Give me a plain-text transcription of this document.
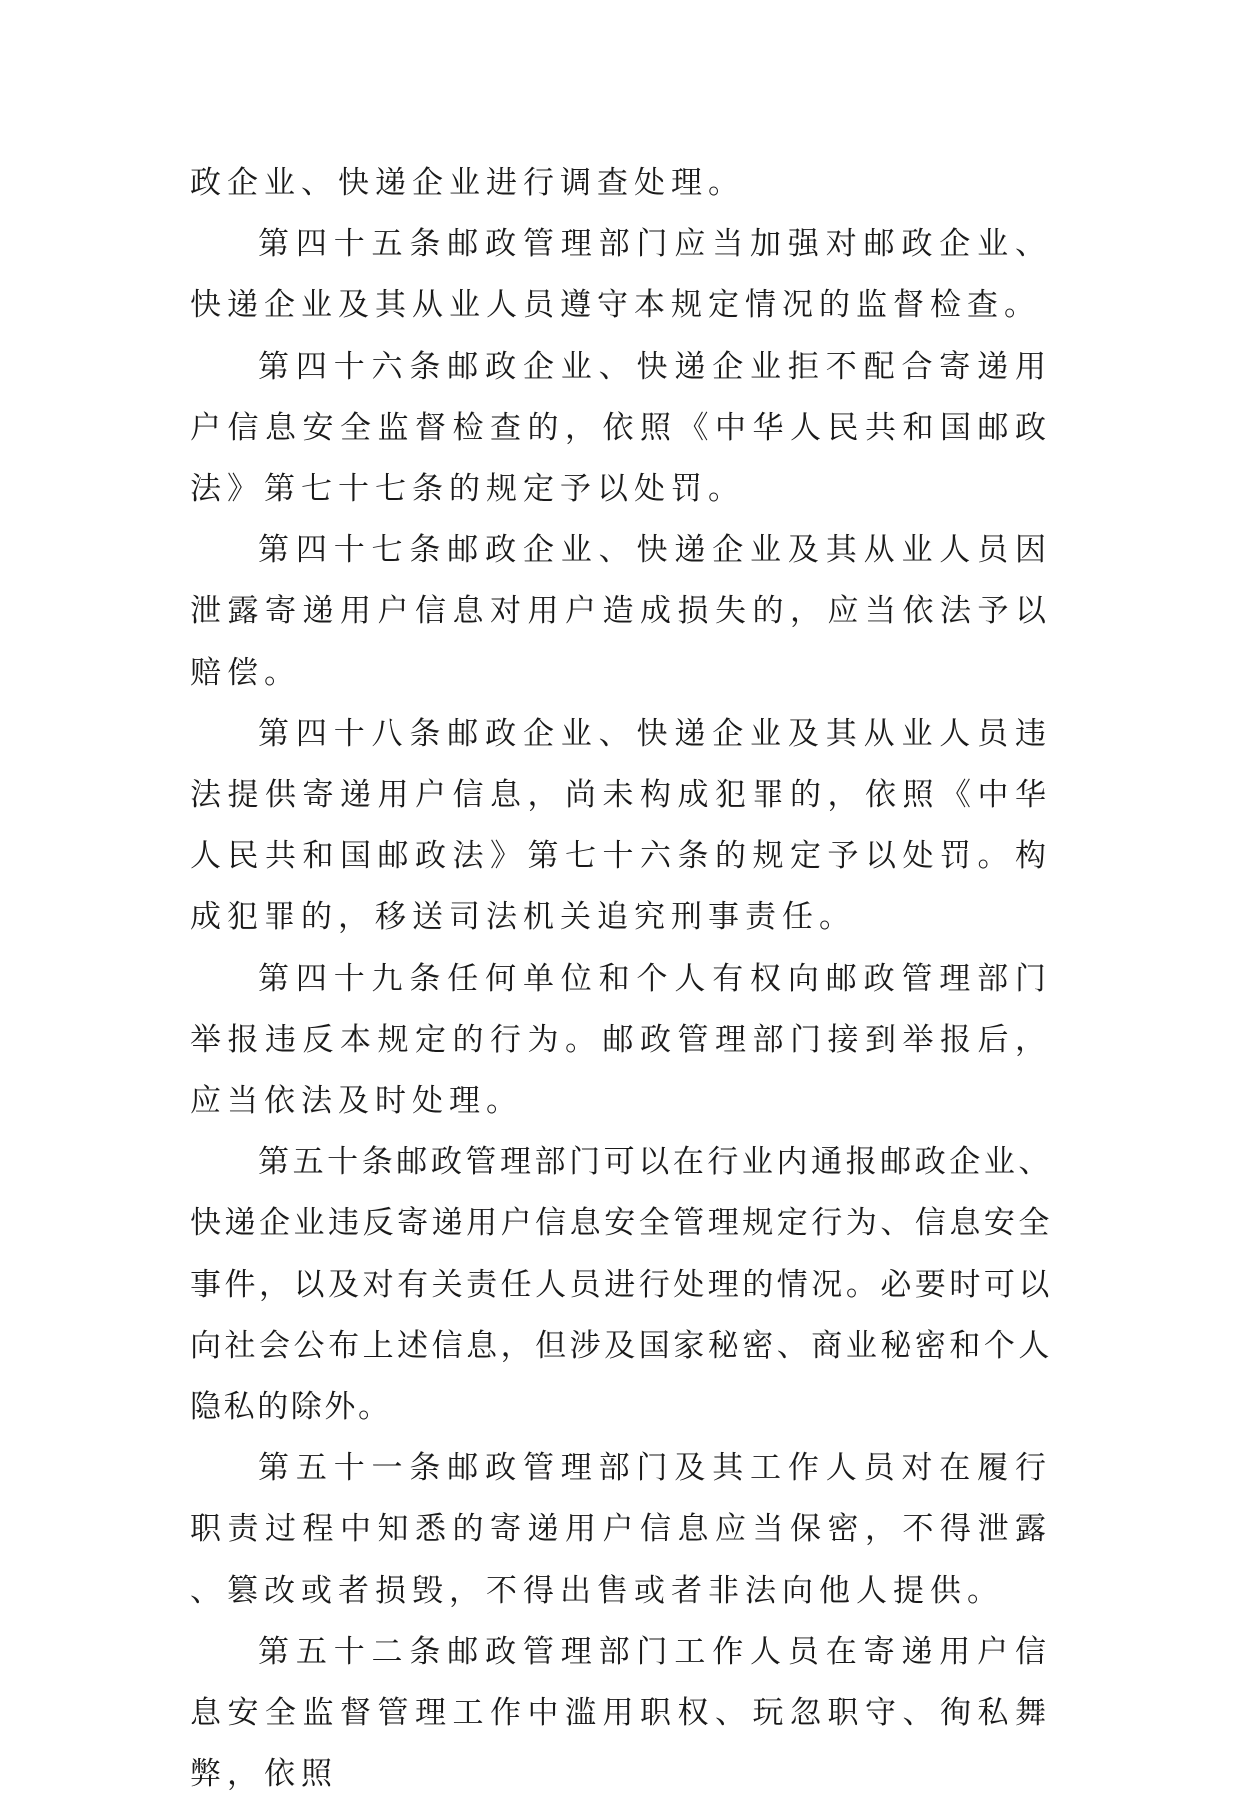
政企业、快递企业进行调查处理。

第四十五条邮政管理部门应当加强对邮政企业、快递企业及其从业人员遵守本规定情况的监督检查。

第四十六条邮政企业、快递企业拒不配合寄递用户信息安全监督检查的，依照《中华人民共和国邮政法》第七十七条的规定予以处罚。

第四十七条邮政企业、快递企业及其从业人员因泄露寄递用户信息对用户造成损失的，应当依法予以赔偿。

第四十八条邮政企业、快递企业及其从业人员违法提供寄递用户信息，尚未构成犯罪的，依照《中华人民共和国邮政法》第七十六条的规定予以处罚。构成犯罪的，移送司法机关追究刑事责任。

第四十九条任何单位和个人有权向邮政管理部门举报违反本规定的行为。邮政管理部门接到举报后，应当依法及时处理。

第五十条邮政管理部门可以在行业内通报邮政企业、快递企业违反寄递用户信息安全管理规定行为、信息安全事件，以及对有关责任人员进行处理的情况。必要时可以向社会公布上述信息，但涉及国家秘密、商业秘密和个人隐私的除外。

第五十一条邮政管理部门及其工作人员对在履行职责过程中知悉的寄递用户信息应当保密，不得泄露、篡改或者损毁，不得出售或者非法向他人提供。

第五十二条邮政管理部门工作人员在寄递用户信息安全监督管理工作中滥用职权、玩忽职守、徇私舞弊，依照
